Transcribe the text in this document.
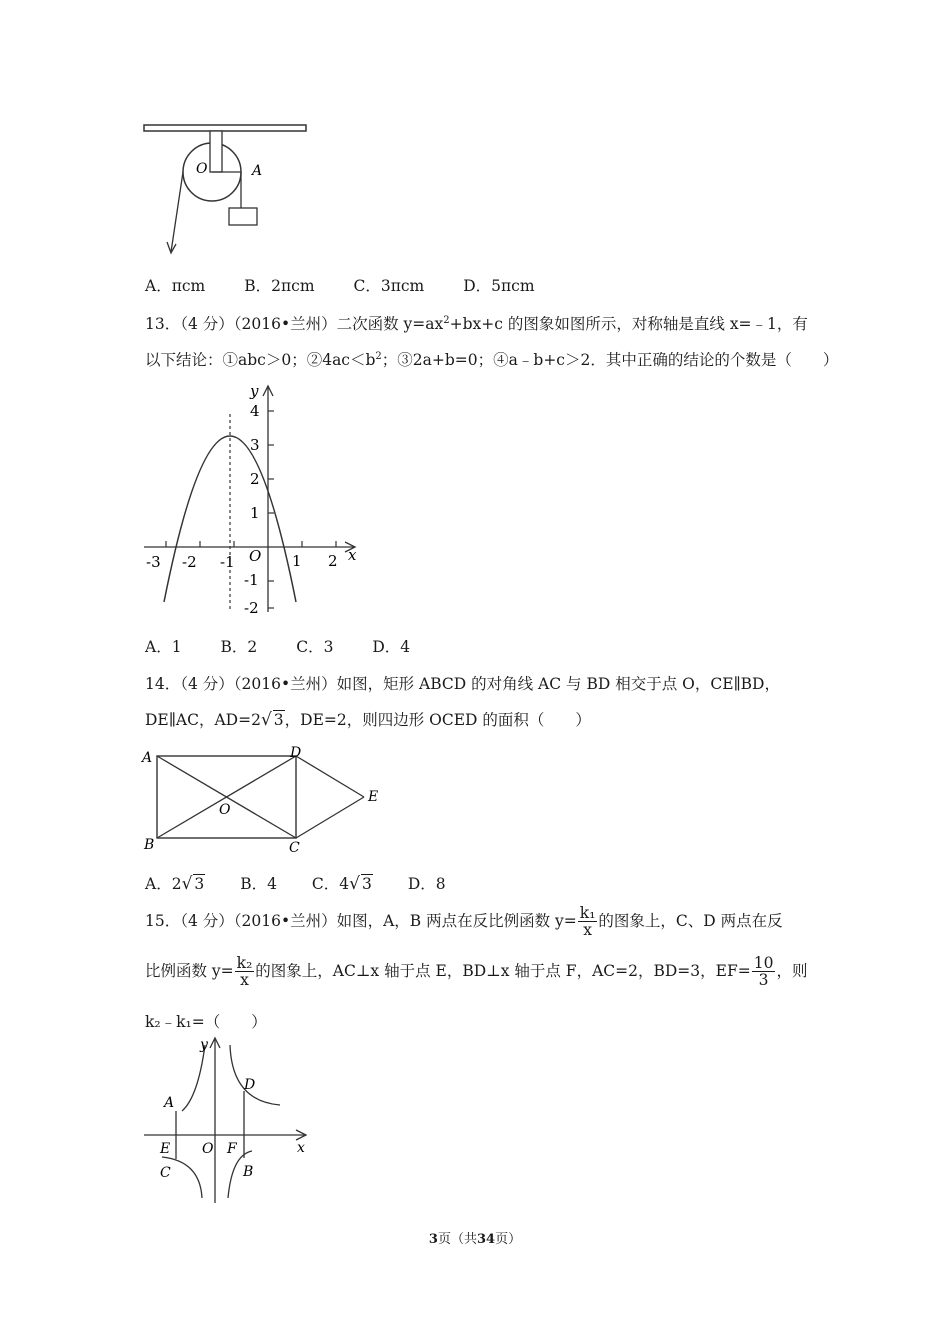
O	A
A．πcm	B．2πcm	C．3πcm	D．5πcm
13．（4 分）（2016•兰州）二次函数 $y=ax^2+bx+c$ 的图象如图所示，对称轴是直线 x=﹣1，有
以下结论：①abc＞0；$②4ac<b^2$；③2a+b=0；④a﹣b+c＞2．其中正确的结论的个数是（　　）
-3 -2 -1	1 2
4
3
2
1
-1
-2
O	x
y
A．1	B．2	C．3	D．4
14．（4 分）（2016•兰州）如图，矩形 ABCD 的对角线 AC 与 BD 相交于点 O，CE∥BD，
DE∥AC，AD=2√ 3，DE=2，则四边形 OCED 的面积（　　）
A	D
E
O
B	C
A．2√ 3 B．4 C．4√ 3 D．8
15．（4 分）（2016•兰州）如图，A，B 两点在反比例函数 $y= \frac{\text{k₁}}{x}$ 的图象上，C、D 两点在反
比例函数 $y= \frac{\text{k₂}}{x}$ 的图象上，AC⊥x 轴于点 E，BD⊥x 轴于点 F，AC=2，BD=3，$EF= \frac{10}{3}$ ，则
k₂﹣k₁=（　　）
A
E
C
O F
B
D
x
y
3页（共34页）
